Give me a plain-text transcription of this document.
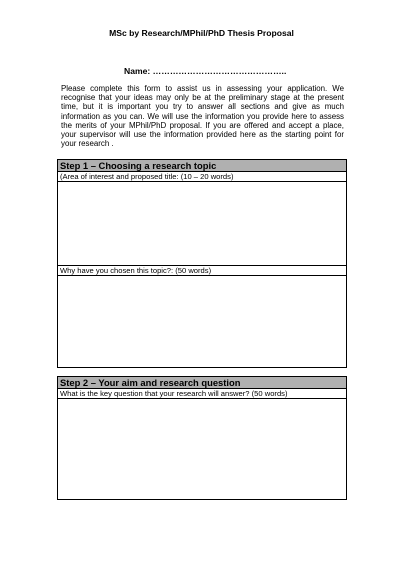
MSc by Research/MPhil/PhD Thesis Proposal
Name: ………………………………………..
Please complete this form to assist us in assessing your application. We recognise that your ideas may only be at the preliminary stage at the present time, but it is important you try to answer all sections and give as much information as you can. We will use the information you provide here to assess the merits of your MPhil/PhD proposal. If you are offered and accept a place, your supervisor will use the information provided here as the starting point for your research .
Step 1 – Choosing a research topic
(Area of interest and proposed title: (10 – 20 words)

Why have you chosen this topic?: (50 words)

Step 2 – Your aim and research question
What is the key question that your research will answer? (50 words)
